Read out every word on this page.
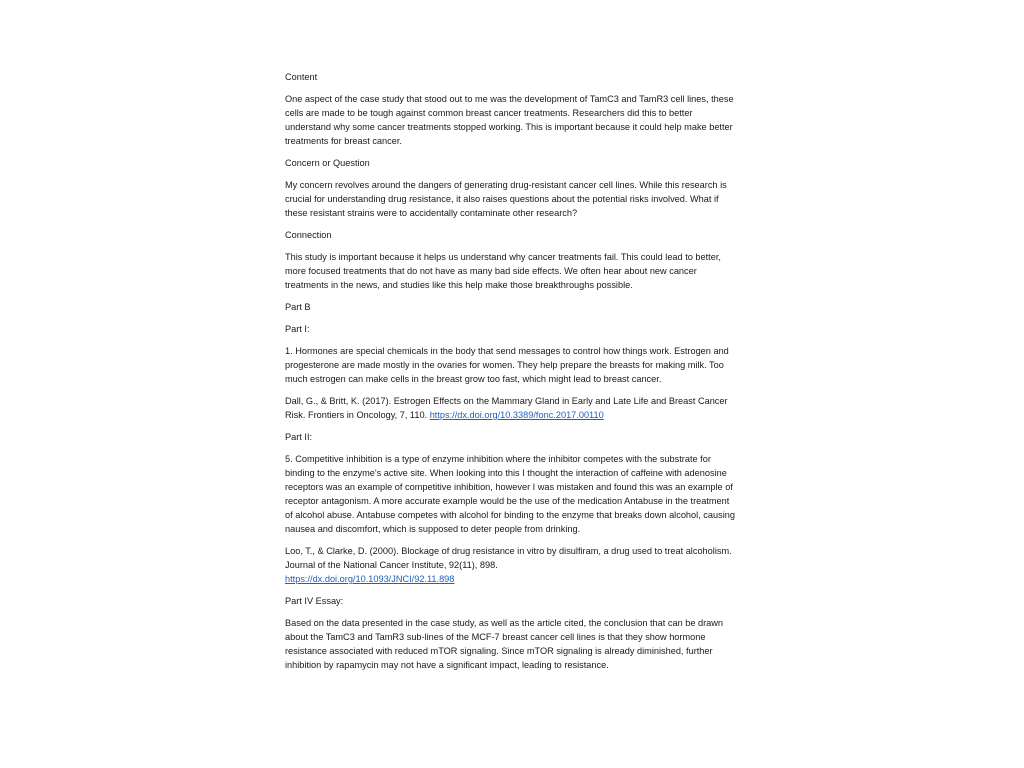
Content

One aspect of the case study that stood out to me was the development of TamC3 and TamR3 cell lines, these cells are made to be tough against common breast cancer treatments. Researchers did this to better understand why some cancer treatments stopped working. This is important because it could help make better treatments for breast cancer.

Concern or Question

My concern revolves around the dangers of generating drug-resistant cancer cell lines. While this research is crucial for understanding drug resistance, it also raises questions about the potential risks involved. What if these resistant strains were to accidentally contaminate other research?

Connection

This study is important because it helps us understand why cancer treatments fail. This could lead to better, more focused treatments that do not have as many bad side effects. We often hear about new cancer treatments in the news, and studies like this help make those breakthroughs possible.

Part B

Part I:

1. Hormones are special chemicals in the body that send messages to control how things work. Estrogen and progesterone are made mostly in the ovaries for women. They help prepare the breasts for making milk. Too much estrogen can make cells in the breast grow too fast, which might lead to breast cancer.

Dall, G., & Britt, K. (2017). Estrogen Effects on the Mammary Gland in Early and Late Life and Breast Cancer Risk. Frontiers in Oncology, 7, 110. https://dx.doi.org/10.3389/fonc.2017.00110

Part II:

5. Competitive inhibition is a type of enzyme inhibition where the inhibitor competes with the substrate for binding to the enzyme's active site. When looking into this I thought the interaction of caffeine with adenosine receptors was an example of competitive inhibition, however I was mistaken and found this was an example of receptor antagonism. A more accurate example would be the use of the medication Antabuse in the treatment of alcohol abuse. Antabuse competes with alcohol for binding to the enzyme that breaks down alcohol, causing nausea and discomfort, which is supposed to deter people from drinking.

Loo, T., & Clarke, D. (2000). Blockage of drug resistance in vitro by disulfiram, a drug used to treat alcoholism. Journal of the National Cancer Institute, 92(11), 898.
https://dx.doi.org/10.1093/JNCI/92.11.898

Part IV Essay:

Based on the data presented in the case study, as well as the article cited, the conclusion that can be drawn about the TamC3 and TamR3 sub-lines of the MCF-7 breast cancer cell lines is that they show hormone resistance associated with reduced mTOR signaling. Since mTOR signaling is already diminished, further inhibition by rapamycin may not have a significant impact, leading to resistance.
